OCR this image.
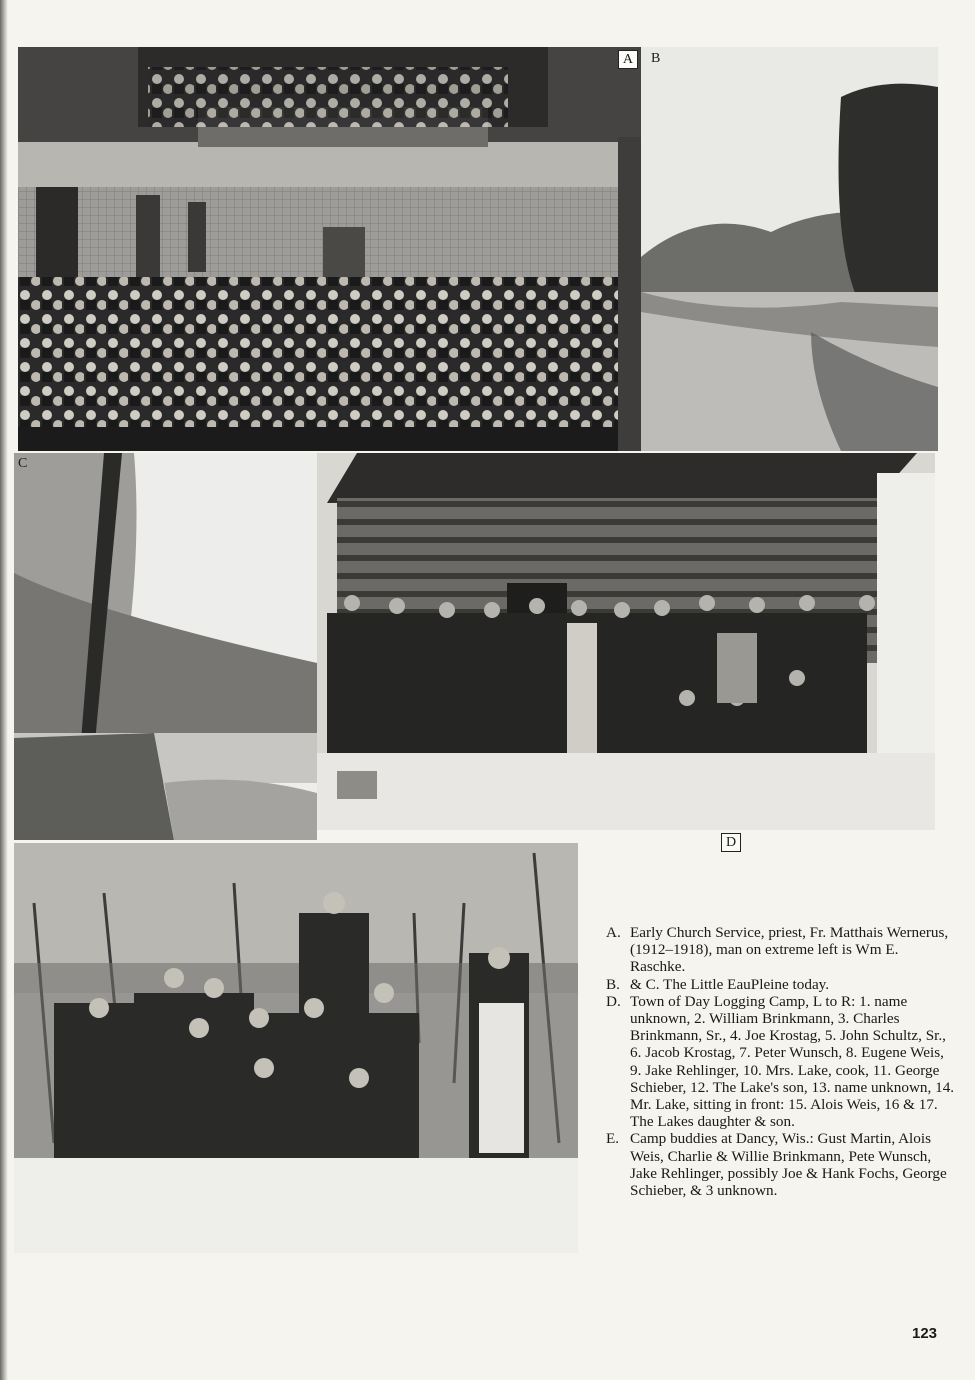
A	B
C
D
A. Early Church Service, priest, Fr. Matthais Wernerus, (1912–1918), man on extreme left is Wm E. Raschke.
B. & C. The Little EauPleine today.
D. Town of Day Logging Camp, L to R: 1. name unknown, 2. William Brinkmann, 3. Charles Brinkmann, Sr., 4. Joe Krostag, 5. John Schultz, Sr., 6. Jacob Krostag, 7. Peter Wunsch, 8. Eugene Weis, 9. Jake Rehlinger, 10. Mrs. Lake, cook, 11. George Schieber, 12. The Lake's son, 13. name unknown, 14. Mr. Lake, sitting in front: 15. Alois Weis, 16 & 17. The Lakes daughter & son.
E. Camp buddies at Dancy, Wis.: Gust Martin, Alois Weis, Charlie & Willie Brinkmann, Pete Wunsch, Jake Rehlinger, possibly Joe & Hank Fochs, George Schieber, & 3 unknown.
123
